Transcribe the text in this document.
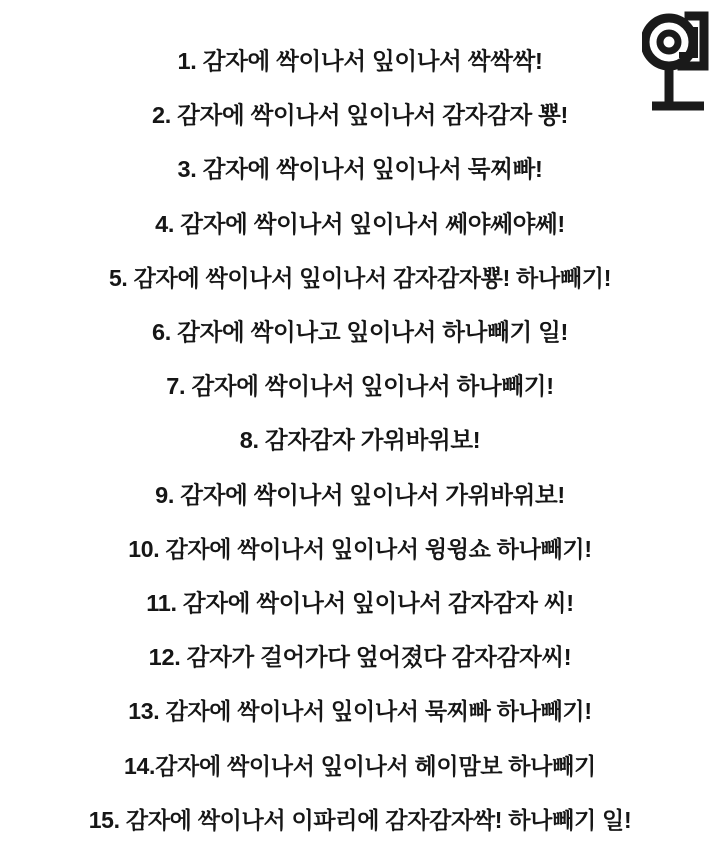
1. 감자에 싹이나서 잎이나서 싹싹싹!
2. 감자에 싹이나서 잎이나서 감자감자 뿅!
3. 감자에 싹이나서 잎이나서 묵찌빠!
4. 감자에 싹이나서 잎이나서 쎄야쎄야쎄!
5. 감자에 싹이나서 잎이나서 감자감자뿅! 하나빼기!
6. 감자에 싹이나고 잎이나서 하나빼기 일!
7. 감자에 싹이나서 잎이나서 하나빼기!
8. 감자감자 가위바위보!
9. 감자에 싹이나서 잎이나서 가위바위보!
10. 감자에 싹이나서 잎이나서 윙윙쇼 하나빼기!
11. 감자에 싹이나서 잎이나서 감자감자 씨!
12. 감자가 걸어가다 엎어졌다 감자감자씨!
13. 감자에 싹이나서 잎이나서 묵찌빠 하나빼기!
14.감자에 싹이나서 잎이나서 헤이맘보 하나빼기
15. 감자에 싹이나서 이파리에 감자감자싹! 하나빼기 일!
